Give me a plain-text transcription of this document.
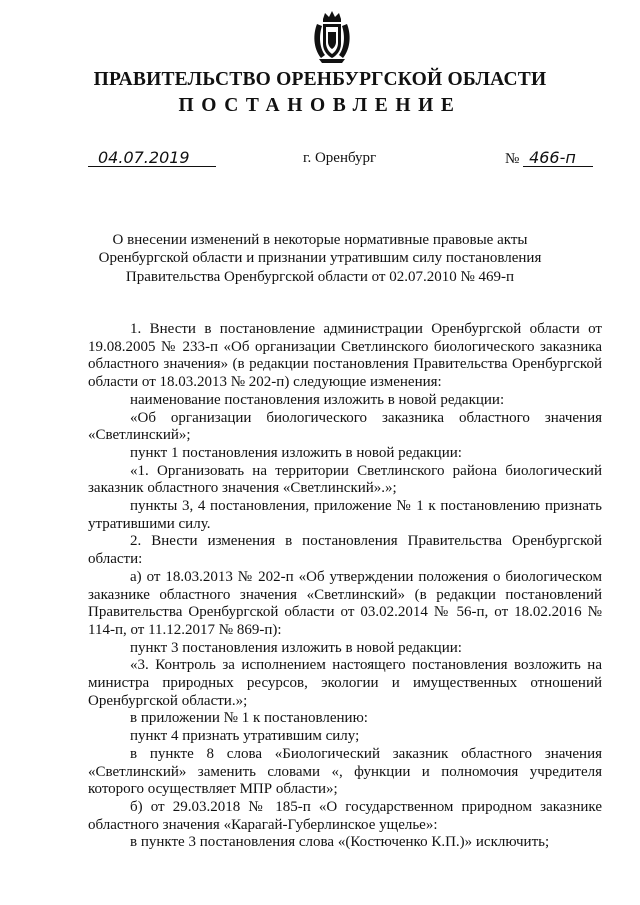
ПРАВИТЕЛЬСТВО ОРЕНБУРГСКОЙ ОБЛАСТИ
ПОСТАНОВЛЕНИЕ
04.07.2019	г. Оренбург	№ 466-п
О внесении изменений в некоторые нормативные правовые акты
Оренбургской области и признании утратившим силу постановления
Правительства Оренбургской области от 02.07.2010 № 469-п

1. Внести в постановление администрации Оренбургской области от 19.08.2005 № 233-п «Об организации Светлинского биологического заказника областного значения» (в редакции постановления Правительства Оренбургской области от 18.03.2013 № 202-п) следующие изменения:

наименование постановления изложить в новой редакции:

«Об организации биологического заказника областного значения «Светлинский»;

пункт 1 постановления изложить в новой редакции:

«1. Организовать на территории Светлинского района биологический заказник областного значения «Светлинский».»;

пункты 3, 4 постановления, приложение № 1 к постановлению признать утратившими силу.

2. Внести изменения в постановления Правительства Оренбургской области:

а) от 18.03.2013 № 202-п «Об утверждении положения о биологическом заказнике областного значения «Светлинский» (в редакции постановлений Правительства Оренбургской области от 03.02.2014 № 56-п, от 18.02.2016 № 114-п, от 11.12.2017 № 869-п):

пункт 3 постановления изложить в новой редакции:

«3. Контроль за исполнением настоящего постановления возложить на министра природных ресурсов, экологии и имущественных отношений Оренбургской области.»;

в приложении № 1 к постановлению:

пункт 4 признать утратившим силу;

в пункте 8 слова «Биологический заказник областного значения «Светлинский» заменить словами «, функции и полномочия учредителя которого осуществляет МПР области»;

б) от 29.03.2018 № 185-п «О государственном природном заказнике областного значения «Карагай-Губерлинское ущелье»:

в пункте 3 постановления слова «(Костюченко К.П.)» исключить;
